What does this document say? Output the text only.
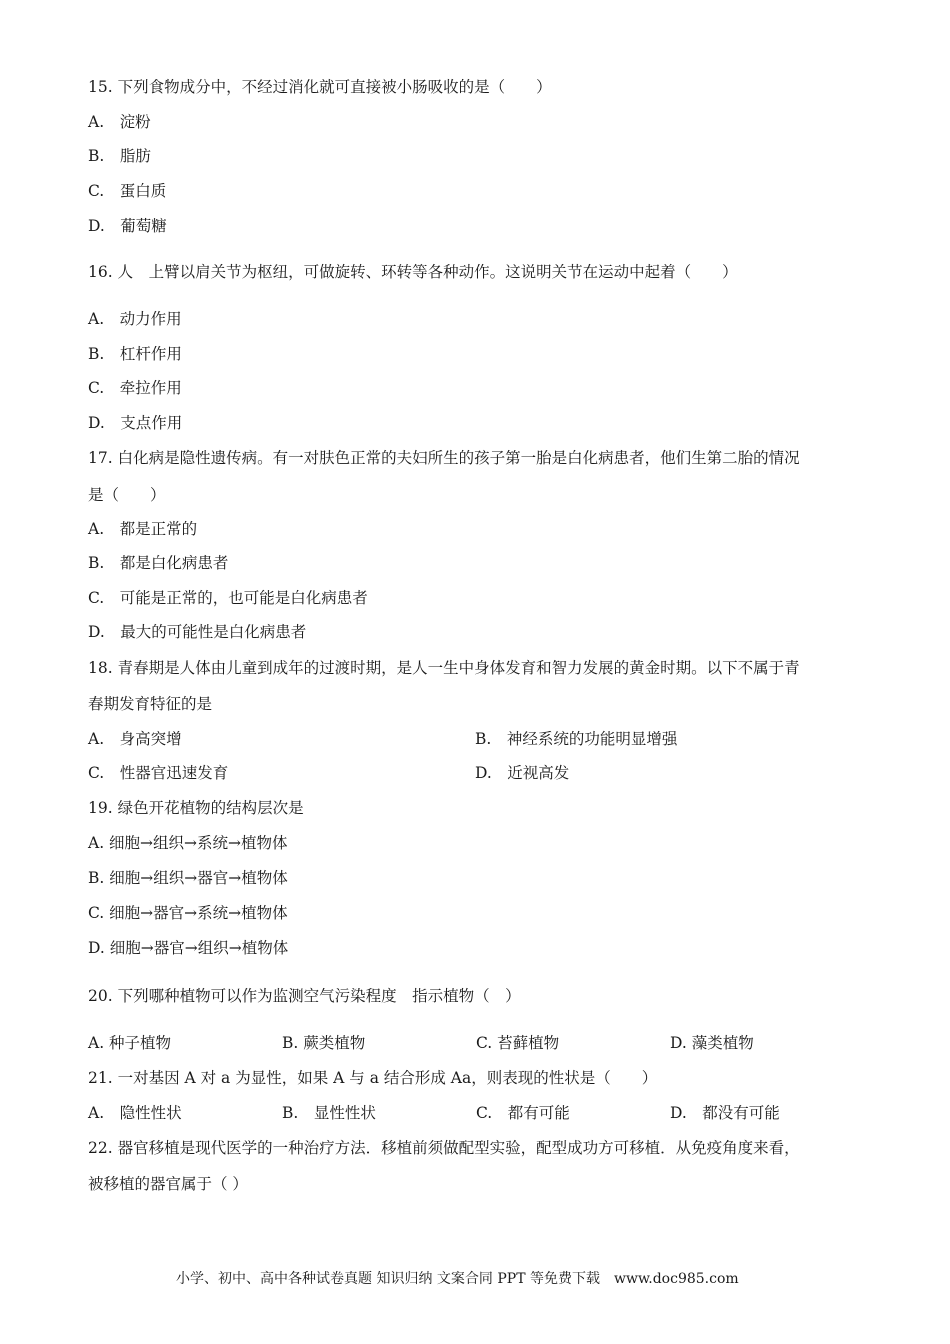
15. 下列食物成分中，不经过消化就可直接被小肠吸收的是（　　）
A.　淀粉
B.　脂肪
C.　蛋白质
D.　葡萄糖
16. 人　上臂以肩关节为枢纽，可做旋转、环转等各种动作。这说明关节在运动中起着（　　）
A.　动力作用
B.　杠杆作用
C.　牵拉作用
D.　支点作用
17. 白化病是隐性遗传病。有一对肤色正常的夫妇所生的孩子第一胎是白化病患者，他们生第二胎的情况
是（　　）
A.　都是正常的
B.　都是白化病患者
C.　可能是正常的，也可能是白化病患者
D.　最大的可能性是白化病患者
18. 青春期是人体由儿童到成年的过渡时期，是人一生中身体发育和智力发展的黄金时期。以下不属于青
春期发育特征的是
A.　身高突增	B.　神经系统的功能明显增强
C.　性器官迅速发育	D.　近视高发
19. 绿色开花植物的结构层次是
A. 细胞→组织→系统→植物体
B. 细胞→组织→器官→植物体
C. 细胞→器官→系统→植物体
D. 细胞→器官→组织→植物体
20. 下列哪种植物可以作为监测空气污染程度　指示植物（　）
A. 种子植物	B. 蕨类植物	C. 苔藓植物	D. 藻类植物
21. 一对基因 A 对 a 为显性，如果 A 与 a 结合形成 Aa，则表现的性状是（　　）
A.　隐性性状	B.　显性性状	C.　都有可能	D.　都没有可能
22. 器官移植是现代医学的一种治疗方法．移植前须做配型实验，配型成功方可移植．从免疫角度来看，
被移植的器官属于（ ）
小学、初中、高中各种试卷真题 知识归纳 文案合同 PPT 等免费下载　www.doc985.com
